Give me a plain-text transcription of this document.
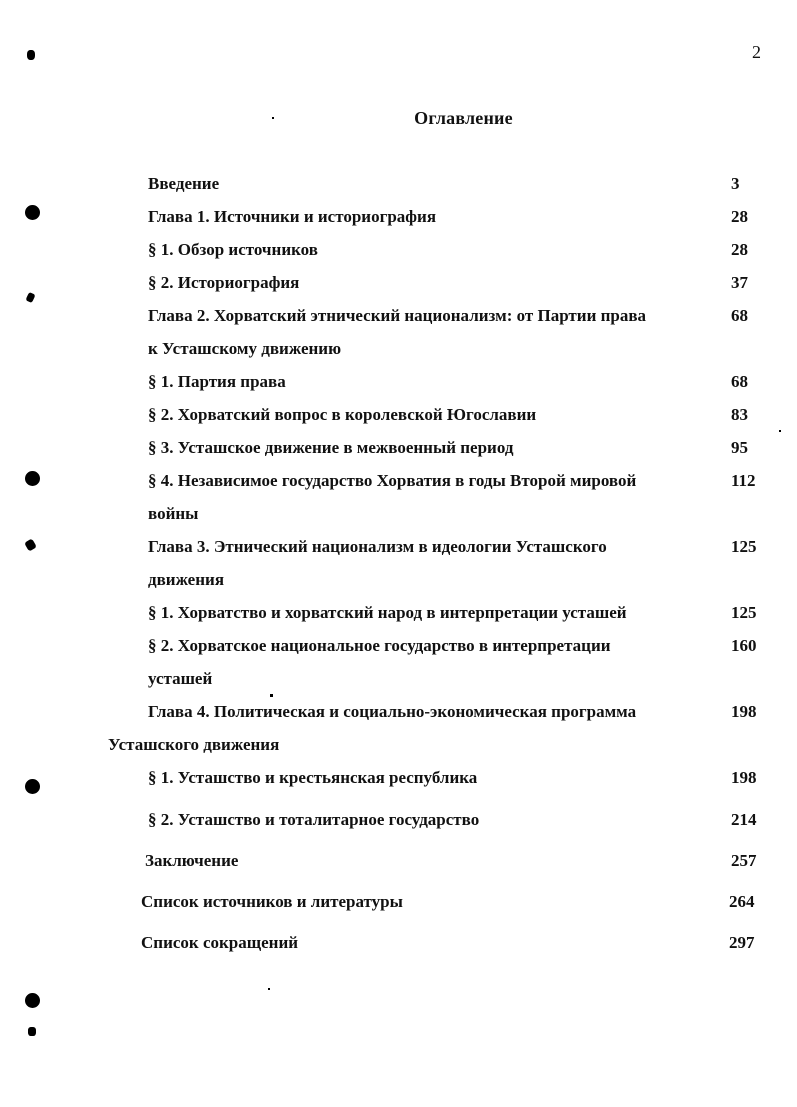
2
Оглавление
Введение
Глава 1. Источники и историография
§ 1. Обзор источников
§ 2. Историография
Глава 2. Хорватский этнический национализм: от Партии права
к Усташскому движению
§ 1. Партия права
§ 2. Хорватский вопрос в королевской Югославии
§ 3. Усташское движение в межвоенный период
§ 4. Независимое государство Хорватия в годы Второй мировой
войны
Глава 3. Этнический национализм в идеологии Усташского
движения
§ 1. Хорватство и хорватский народ в интерпретации усташей
§ 2. Хорватское национальное государство в интерпретации
усташей
Глава 4. Политическая и социально-экономическая программа
Усташского движения
§ 1. Усташство и крестьянская республика
§ 2. Усташство и тоталитарное государство
Заключение
Список источников и литературы
Список сокращений
3
28
28
37
68
68
83
95
112
125
125
160
198
198
214
257
264
297
